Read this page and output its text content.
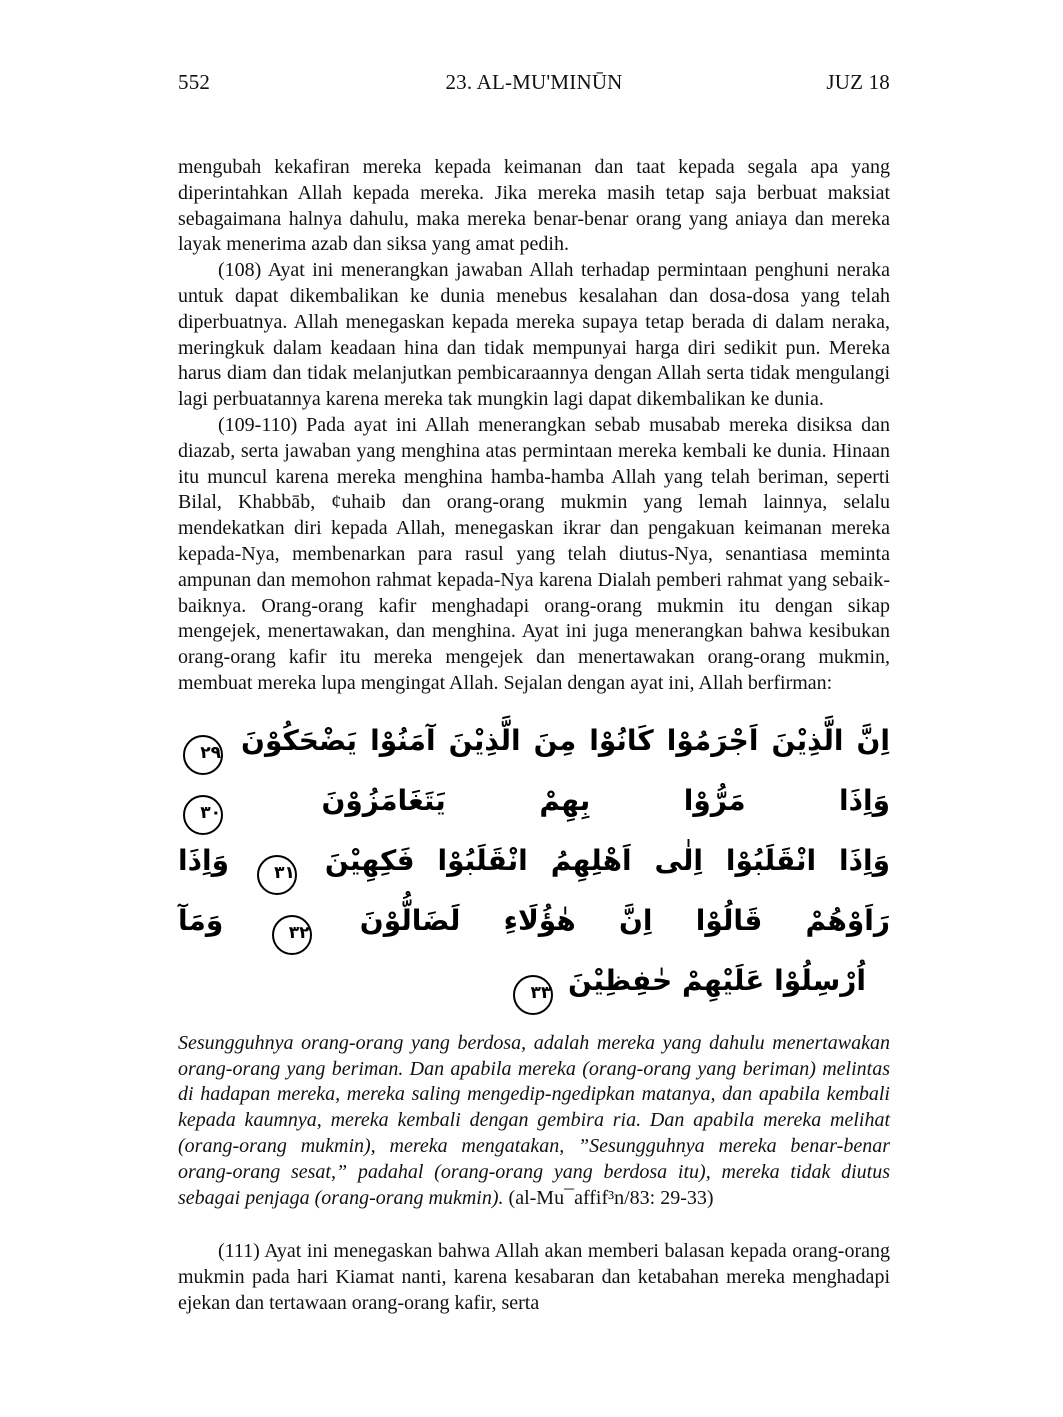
552	23. AL-MU'MINŪN	JUZ 18

mengubah kekafiran mereka kepada keimanan dan taat kepada segala apa yang diperintahkan Allah kepada mereka. Jika mereka masih tetap saja berbuat maksiat sebagaimana halnya dahulu, maka mereka benar-benar orang yang aniaya dan mereka layak menerima azab dan siksa yang amat pedih.

(108) Ayat ini menerangkan jawaban Allah terhadap permintaan penghuni neraka untuk dapat dikembalikan ke dunia menebus kesalahan dan dosa-dosa yang telah diperbuatnya. Allah menegaskan kepada mereka supaya tetap berada di dalam neraka, meringkuk dalam keadaan hina dan tidak mempunyai harga diri sedikit pun. Mereka harus diam dan tidak melanjutkan pembicaraannya dengan Allah serta tidak mengulangi lagi perbuatannya karena mereka tak mungkin lagi dapat dikembalikan ke dunia.

(109-110) Pada ayat ini Allah menerangkan sebab musabab mereka disiksa dan diazab, serta jawaban yang menghina atas permintaan mereka kembali ke dunia. Hinaan itu muncul karena mereka menghina hamba-hamba Allah yang telah beriman, seperti Bilal, Khabbāb, ¢uhaib dan orang-orang mukmin yang lemah lainnya, selalu mendekatkan diri kepada Allah, menegaskan ikrar dan pengakuan keimanan mereka kepada-Nya, membenarkan para rasul yang telah diutus-Nya, senantiasa meminta ampunan dan memohon rahmat kepada-Nya karena Dialah pemberi rahmat yang sebaik-baiknya. Orang-orang kafir menghadapi orang-orang mukmin itu dengan sikap mengejek, menertawakan, dan menghina. Ayat ini juga menerangkan bahwa kesibukan orang-orang kafir itu mereka mengejek dan menertawakan orang-orang mukmin, membuat mereka lupa mengingat Allah. Sejalan dengan ayat ini, Allah berfirman:

اِنَّ الَّذِيْنَ اَجْرَمُوْا كَانُوْا مِنَ الَّذِيْنَ آمَنُوْا يَضْحَكُوْنَ ٢٩ وَاِذَا مَرُّوْا بِهِمْ يَتَغَامَزُوْنَ ٣٠
وَاِذَا انْقَلَبُوْا اِلٰى اَهْلِهِمُ انْقَلَبُوْا فَكِهِيْنَ ٣١ وَاِذَا رَاَوْهُمْ قَالُوْا اِنَّ هٰؤُلَاءِ لَضَالُّوْنَ ٣٢ وَمَآ
اُرْسِلُوْا عَلَيْهِمْ حٰفِظِيْنَ ٣٣

Sesungguhnya orang-orang yang berdosa, adalah mereka yang dahulu menertawakan orang-orang yang beriman. Dan apabila mereka (orang-orang yang beriman) melintas di hadapan mereka, mereka saling mengedip-ngedipkan matanya, dan apabila kembali kepada kaumnya, mereka kembali dengan gembira ria. Dan apabila mereka melihat (orang-orang mukmin), mereka mengatakan, ”Sesungguhnya mereka benar-benar orang-orang sesat,” padahal (orang-orang yang berdosa itu), mereka tidak diutus sebagai penjaga (orang-orang mukmin). (al-Mu¯affif³n/83: 29-33)

(111) Ayat ini menegaskan bahwa Allah akan memberi balasan kepada orang-orang mukmin pada hari Kiamat nanti, karena kesabaran dan ketabahan mereka menghadapi ejekan dan tertawaan orang-orang kafir, serta
